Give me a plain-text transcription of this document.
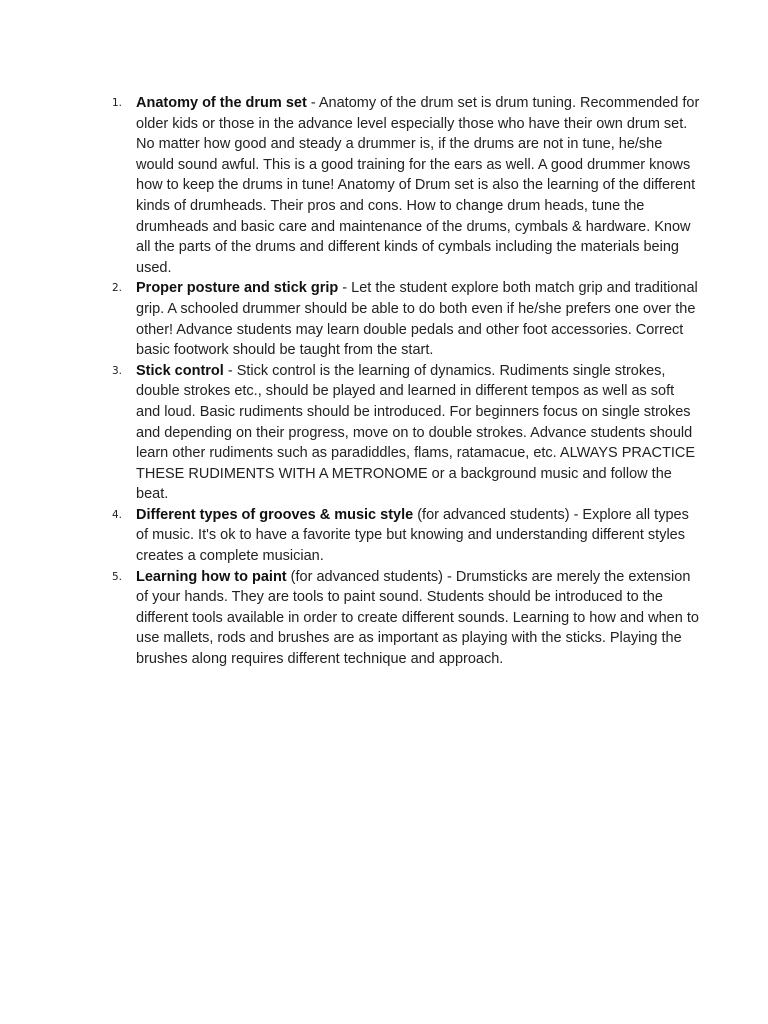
1. Anatomy of the drum set - Anatomy of the drum set is drum tuning. Recommended for older kids or those in the advance level especially those who have their own drum set. No matter how good and steady a drummer is, if the drums are not in tune, he/she would sound awful. This is a good training for the ears as well. A good drummer knows how to keep the drums in tune! Anatomy of Drum set is also the learning of the different kinds of drumheads. Their pros and cons. How to change drum heads, tune the drumheads and basic care and maintenance of the drums, cymbals & hardware. Know all the parts of the drums and different kinds of cymbals including the materials being used.
2. Proper posture and stick grip - Let the student explore both match grip and traditional grip. A schooled drummer should be able to do both even if he/she prefers one over the other! Advance students may learn double pedals and other foot accessories. Correct basic footwork should be taught from the start.
3. Stick control - Stick control is the learning of dynamics. Rudiments single strokes, double strokes etc., should be played and learned in different tempos as well as soft and loud. Basic rudiments should be introduced. For beginners focus on single strokes and depending on their progress, move on to double strokes. Advance students should learn other rudiments such as paradiddles, flams, ratamacue, etc. ALWAYS PRACTICE THESE RUDIMENTS WITH A METRONOME or a background music and follow the beat.
4. Different types of grooves & music style (for advanced students) - Explore all types of music. It's ok to have a favorite type but knowing and understanding different styles creates a complete musician.
5. Learning how to paint (for advanced students) - Drumsticks are merely the extension of your hands. They are tools to paint sound. Students should be introduced to the different tools available in order to create different sounds. Learning to how and when to use mallets, rods and brushes are as important as playing with the sticks. Playing the brushes along requires different technique and approach.
